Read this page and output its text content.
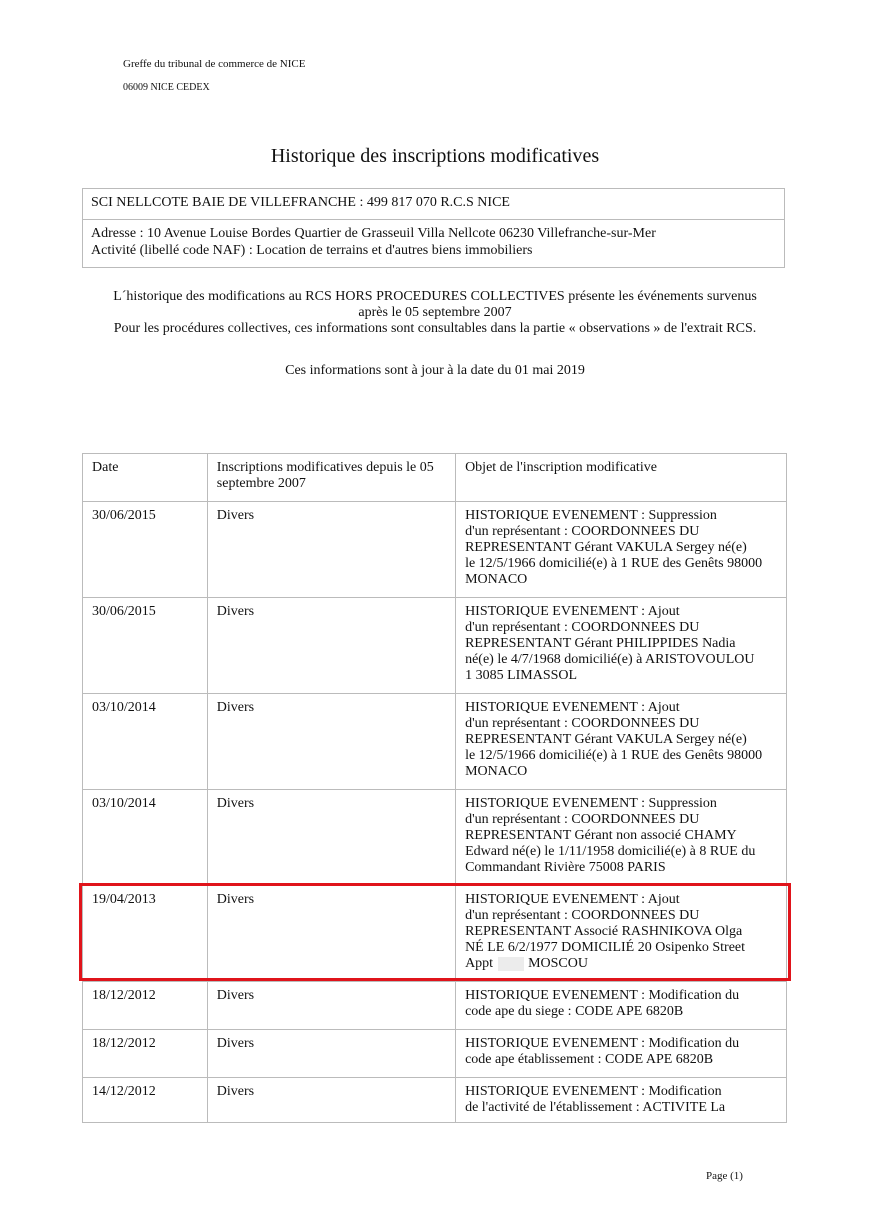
Greffe du tribunal de commerce de NICE
06009 NICE CEDEX
Historique des inscriptions modificatives
SCI NELLCOTE BAIE DE VILLEFRANCHE : 499 817 070 R.C.S NICE
Adresse : 10 Avenue Louise Bordes Quartier de Grasseuil Villa Nellcote 06230 Villefranche-sur-Mer
Activité (libellé code NAF) : Location de terrains et d'autres biens immobiliers
L´historique des modifications au RCS HORS PROCEDURES COLLECTIVES présente les événements survenus
après le 05 septembre 2007
Pour les procédures collectives, ces informations sont consultables dans la partie « observations » de l'extrait RCS.
Ces informations sont à jour à la date du 01 mai 2019
Date	Inscriptions modificatives depuis le 05 septembre 2007	Objet de l'inscription modificative
30/06/2015	Divers	HISTORIQUE EVENEMENT : Suppression
d'un représentant : COORDONNEES DU
REPRESENTANT Gérant VAKULA Sergey né(e)
le 12/5/1966 domicilié(e) à 1 RUE des Genêts 98000
MONACO

30/06/2015	Divers	HISTORIQUE EVENEMENT : Ajout
d'un représentant : COORDONNEES DU
REPRESENTANT Gérant PHILIPPIDES Nadia
né(e) le 4/7/1968 domicilié(e) à ARISTOVOULOU
1 3085 LIMASSOL

03/10/2014	Divers	HISTORIQUE EVENEMENT : Ajout
d'un représentant : COORDONNEES DU
REPRESENTANT Gérant VAKULA Sergey né(e)
le 12/5/1966 domicilié(e) à 1 RUE des Genêts 98000
MONACO

03/10/2014	Divers	HISTORIQUE EVENEMENT : Suppression
d'un représentant : COORDONNEES DU
REPRESENTANT Gérant non associé CHAMY
Edward né(e) le 1/11/1958 domicilié(e) à 8 RUE du
Commandant Rivière 75008 PARIS

19/04/2013	Divers	HISTORIQUE EVENEMENT : Ajout
d'un représentant : COORDONNEES DU
REPRESENTANT Associé RASHNIKOVA Olga
NÉ LE 6/2/1977 DOMICILIÉ 20 Osipenko Street
Appt MOSCOU

18/12/2012	Divers	HISTORIQUE EVENEMENT : Modification du
code ape du siege : CODE APE 6820B

18/12/2012	Divers	HISTORIQUE EVENEMENT : Modification du
code ape établissement : CODE APE 6820B

14/12/2012	Divers	HISTORIQUE EVENEMENT : Modification
de l'activité de l'établissement : ACTIVITE La
Page (1)
